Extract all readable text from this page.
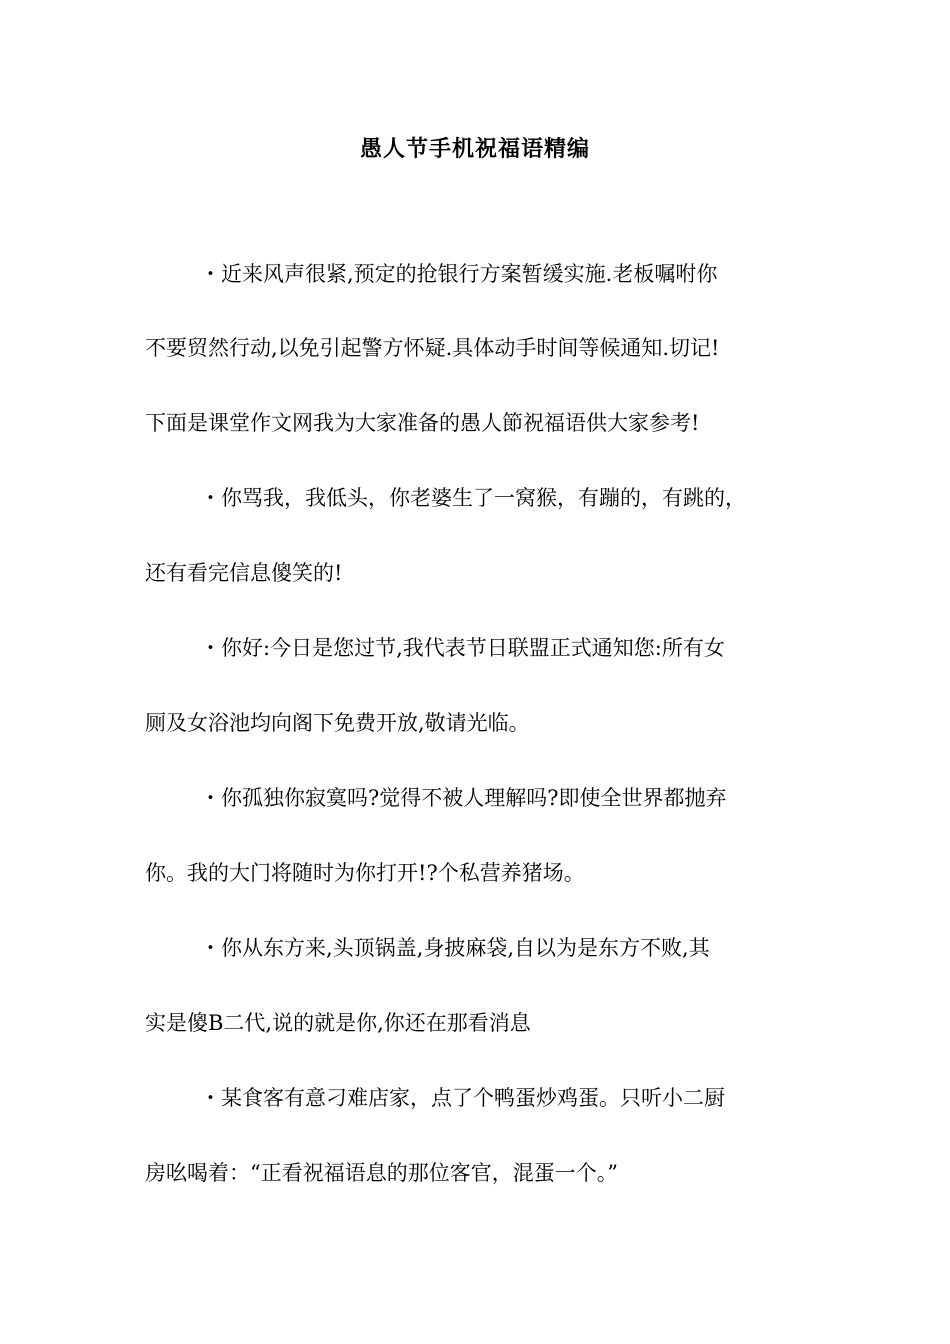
愚人节手机祝福语精编
・近来风声很紧,预定的抢银行方案暂缓实施.老板嘱咐你
不要贸然行动,以免引起警方怀疑.具体动手时间等候通知.切记!
下面是课堂作文网我为大家准备的愚人節祝福语供大家参考!
・你骂我，我低头，你老婆生了一窝猴，有蹦的，有跳的，
还有看完信息傻笑的!
・你好:今日是您过节,我代表节日联盟正式通知您:所有女
厕及女浴池均向阁下免费开放,敬请光临。
・你孤独你寂寞吗?觉得不被人理解吗?即使全世界都抛弃
你。我的大门将随时为你打开!?个私营养猪场。
・你从东方来,头顶锅盖,身披麻袋,自以为是东方不败,其
实是傻B二代,说的就是你,你还在那看消息
・某食客有意刁难店家，点了个鸭蛋炒鸡蛋。只听小二厨
房吆喝着：“正看祝福语息的那位客官，混蛋一个。”
